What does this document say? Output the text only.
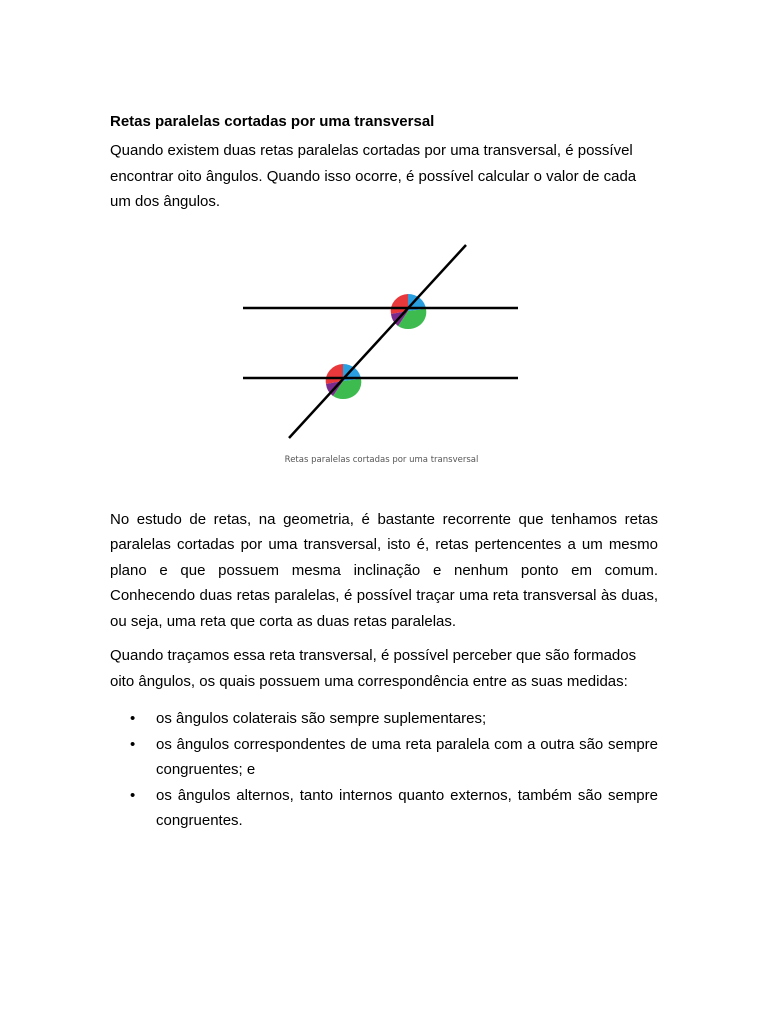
Retas paralelas cortadas por uma transversal

Quando existem duas retas paralelas cortadas por uma transversal, é possível encontrar oito ângulos. Quando isso ocorre, é possível calcular o valor de cada um dos ângulos.

Retas paralelas cortadas por uma transversal

No estudo de retas, na geometria, é bastante recorrente que tenhamos retas paralelas cortadas por uma transversal, isto é, retas pertencentes a um mesmo plano e que possuem mesma inclinação e nenhum ponto em comum. Conhecendo duas retas paralelas, é possível traçar uma reta transversal às duas, ou seja, uma reta que corta as duas retas paralelas.

Quando traçamos essa reta transversal, é possível perceber que são formados oito ângulos, os quais possuem uma correspondência entre as suas medidas:

• os ângulos colaterais são sempre suplementares;
• os ângulos correspondentes de uma reta paralela com a outra são sempre congruentes; e
• os ângulos alternos, tanto internos quanto externos, também são sempre congruentes.
